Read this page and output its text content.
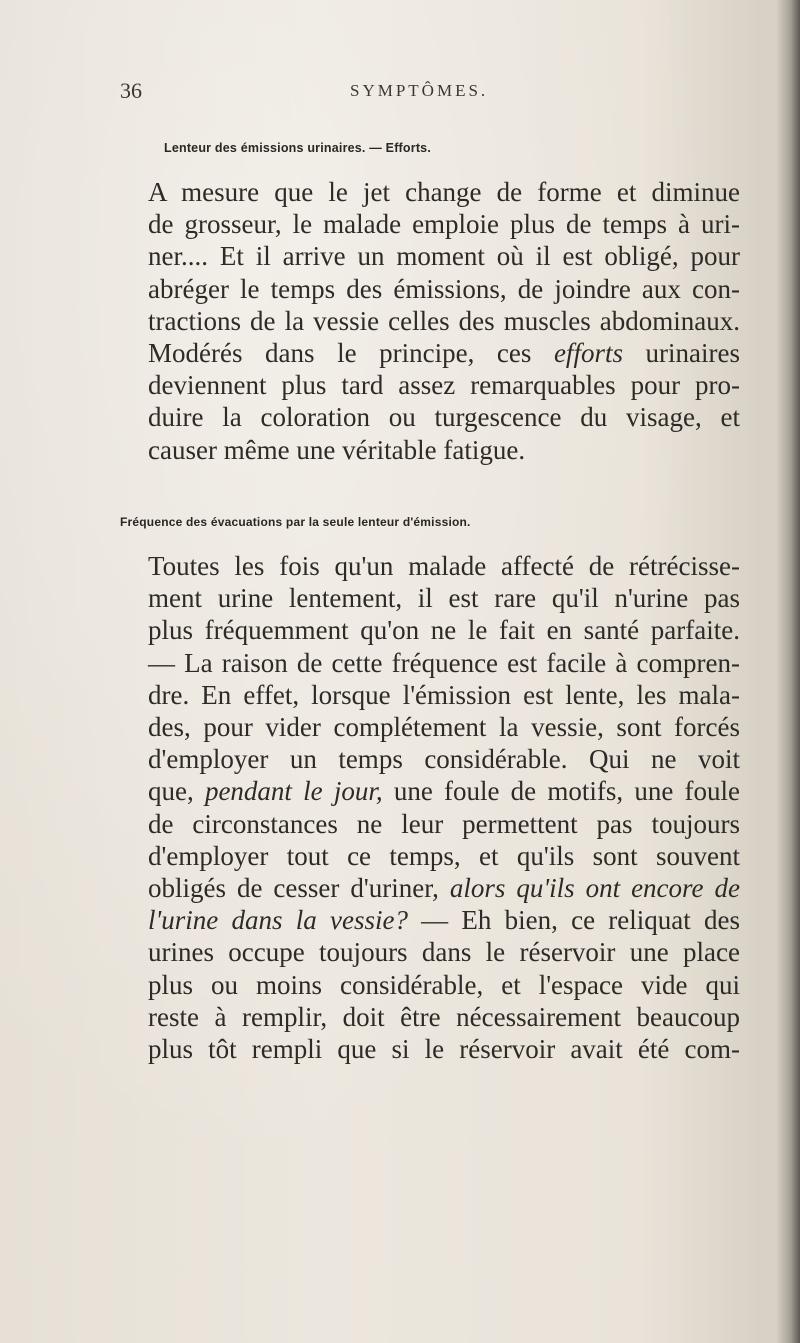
36	SYMPTÔMES.
Lenteur des émissions urinaires. — Efforts.

A mesure que le jet change de forme et diminue
de grosseur, le malade emploie plus de temps à uri-
ner.... Et il arrive un moment où il est obligé, pour
abréger le temps des émissions, de joindre aux con-
tractions de la vessie celles des muscles abdominaux.
Modérés dans le principe, ces efforts urinaires
deviennent plus tard assez remarquables pour pro-
duire la coloration ou turgescence du visage, et
causer même une véritable fatigue.

Fréquence des évacuations par la seule lenteur d'émission.

Toutes les fois qu'un malade affecté de rétrécisse-
ment urine lentement, il est rare qu'il n'urine pas
plus fréquemment qu'on ne le fait en santé parfaite.
— La raison de cette fréquence est facile à compren-
dre. En effet, lorsque l'émission est lente, les mala-
des, pour vider complétement la vessie, sont forcés
d'employer un temps considérable. Qui ne voit
que, pendant le jour, une foule de motifs, une foule
de circonstances ne leur permettent pas toujours
d'employer tout ce temps, et qu'ils sont souvent
obligés de cesser d'uriner, alors qu'ils ont encore de
l'urine dans la vessie? — Eh bien, ce reliquat des
urines occupe toujours dans le réservoir une place
plus ou moins considérable, et l'espace vide qui
reste à remplir, doit être nécessairement beaucoup
plus tôt rempli que si le réservoir avait été com-
